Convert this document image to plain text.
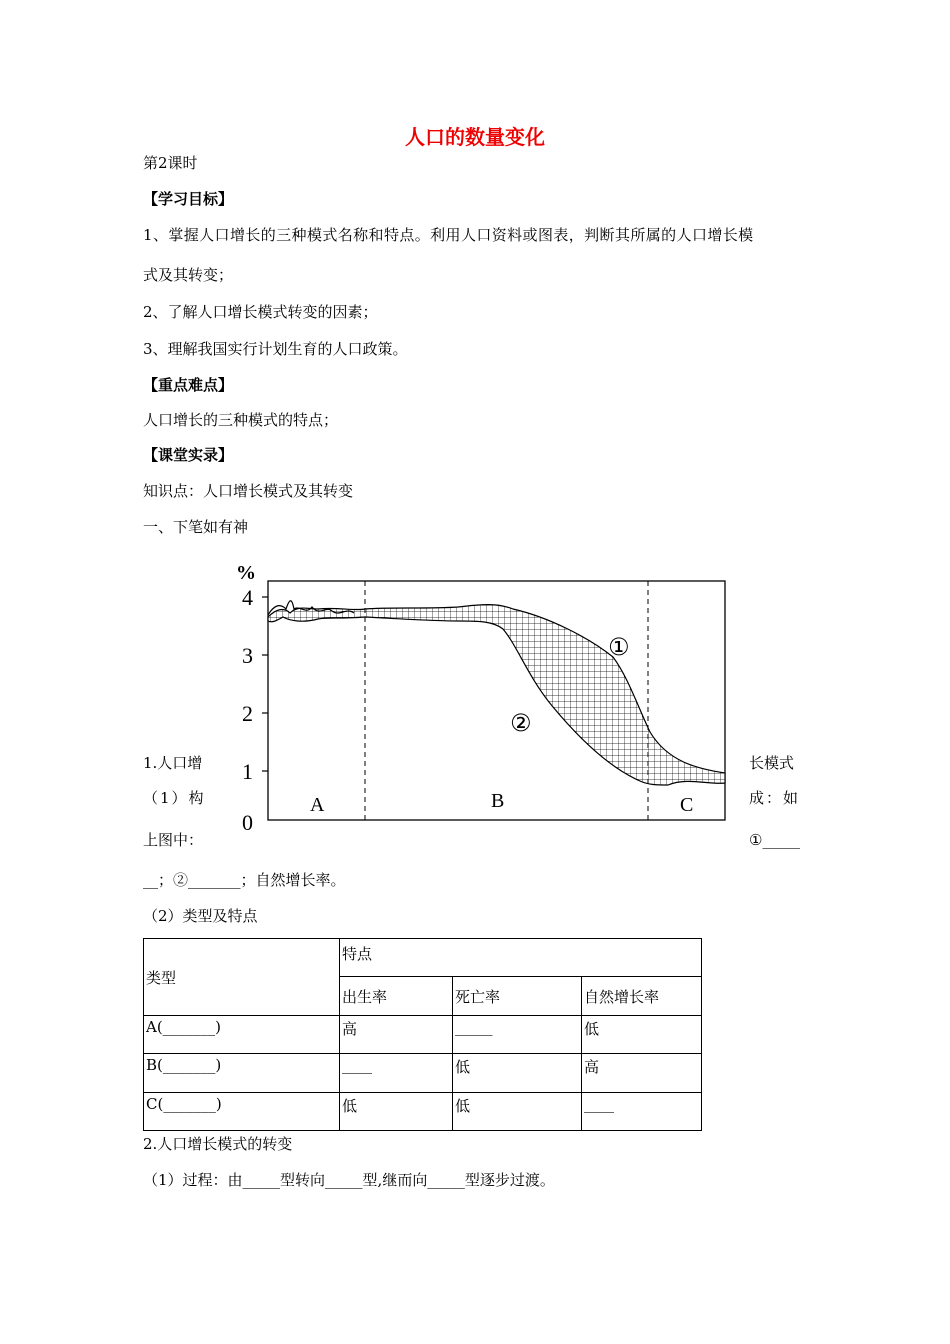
人口的数量变化
第2课时
【学习目标】
1、掌握人口增长的三种模式名称和特点。利用人口资料或图表，判断其所属的人口增长模
式及其转变；
2、了解人口增长模式转变的因素；
3、理解我国实行计划生育的人口政策。
【重点难点】
人口增长的三种模式的特点；
【课堂实录】
知识点：人口增长模式及其转变
一、下笔如有神
%
4
3
2
1
0
①
②
A	B	C
1.人口增	长模式
（1）构	成：如
上图中：	①_____
__；②_______；自然增长率。
（2）类型及特点
类型	特点		
	出生率	死亡率	自然增长率
A(_______)	高	_____	低
B(_______)	____	低	高
C(_______)	低	低	____
2.人口增长模式的转变
（1）过程：由_____型转向_____型,继而向_____型逐步过渡。
